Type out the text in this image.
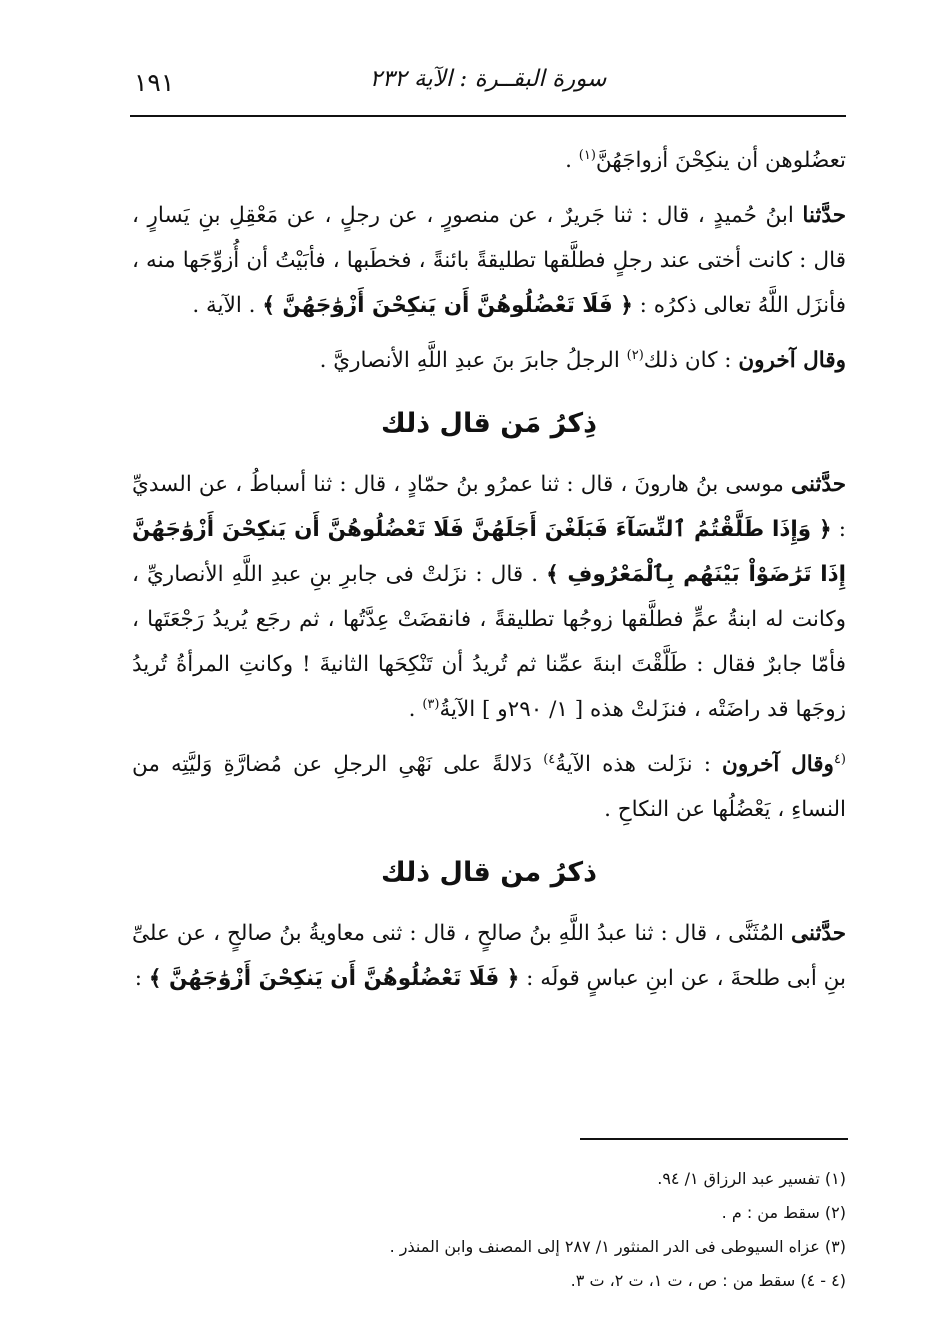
١٩١	سورة البقــرة : الآية ٢٣٢

تعضُلوهن أن ينكِحْنَ أزواجَهُنَّ$^{(١)}$ .

حدَّثنا ابنُ حُميدٍ ، قال : ثنا جَريرٌ ، عن منصورٍ ، عن رجلٍ ، عن مَعْقِلِ بنِ يَسارٍ ، قال : كانت أختى عند رجلٍ فطلَّقها تطليقةً بائنةً ، فخطَبها ، فأبَيْتُ أن أُزوِّجَها منه ، فأنزَل اللَّهُ تعالى ذكرُه : ﴿ فَلَا تَعْضُلُوهُنَّ أَن يَنكِحْنَ أَزْوَٰجَهُنَّ ﴾ . الآية .

وقال آخرون : كان ذلك$^{(٢)}$ الرجلُ جابرَ بنَ عبدِ اللَّهِ الأنصاريَّ .

ذِكرُ مَن قال ذلك

حدَّثنى موسى بنُ هارونَ ، قال : ثنا عمرُو بنُ حمّادٍ ، قال : ثنا أسباطُ ، عن السديِّ : ﴿ وَإِذَا طَلَّقْتُمُ ٱلنِّسَآءَ فَبَلَغْنَ أَجَلَهُنَّ فَلَا تَعْضُلُوهُنَّ أَن يَنكِحْنَ أَزْوَٰجَهُنَّ إِذَا تَرَٰضَوْاْ بَيْنَهُم بِٱلْمَعْرُوفِ ﴾ . قال : نزَلتْ فى جابرِ بنِ عبدِ اللَّهِ الأنصاريِّ ، وكانت له ابنةُ عمٍّ فطلَّقها زوجُها تطليقةً ، فانقضَتْ عِدَّتُها ، ثم رجَع يُريدُ رَجْعَتَها ، فأمّا جابرٌ فقال : طَلَّقْتَ ابنةَ عمِّنا ثم تُريدُ أن تَنْكِحَها الثانيةَ ! وكانتِ المرأةُ تُريدُ زوجَها قد راضَتْه ، فنزَلتْ هذه [ ١/ ٢٩٠و ] الآيةُ$^{(٣)}$ .

$^{(٤}$وقال آخرون : نزَلت هذه الآيةُ$^{٤)}$ دَلالةً على نَهْىِ الرجلِ عن مُضارَّةِ وَليَّتِه من النساءِ ، يَعْضُلُها عن النكاحِ .

ذكرُ من قال ذلك

حدَّثنى المُثَنَّى ، قال : ثنا عبدُ اللَّهِ بنُ صالحٍ ، قال : ثنى معاويةُ بنُ صالحٍ ، عن علىِّ بنِ أبى طلحةَ ، عن ابنِ عباسٍ قولَه : ﴿ فَلَا تَعْضُلُوهُنَّ أَن يَنكِحْنَ أَزْوَٰجَهُنَّ ﴾ :

(١) تفسير عبد الرزاق ١/ ٩٤.
(٢) سقط من : م .
(٣) عزاه السيوطى فى الدر المنثور ١/ ٢٨٧ إلى المصنف وابن المنذر .
(٤ - ٤) سقط من : ص ، ت ١، ت ٢، ت ٣.
